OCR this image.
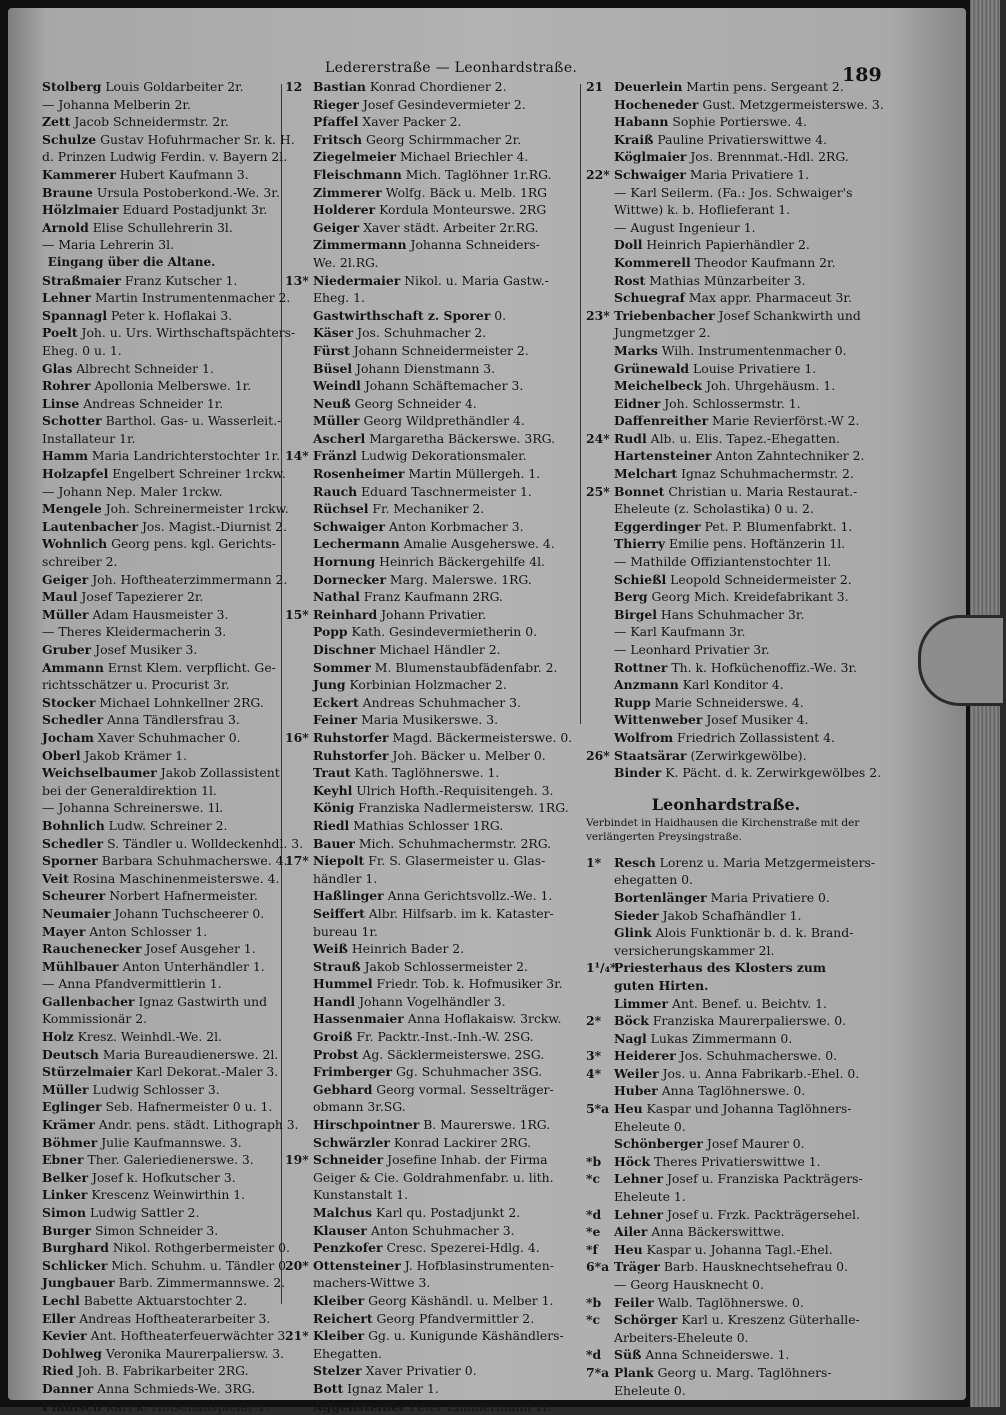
Ledererstraße — Leonhardstraße.	189
Stolberg Louis Goldarbeiter 2r.
— Johanna Melberin 2r.
Zett Jacob Schneidermstr. 2r.
Schulze Gustav Hofuhrmacher Sr. k. H.
d. Prinzen Ludwig Ferdin. v. Bayern 2l.
Kammerer Hubert Kaufmann 3.
Braune Ursula Postoberkond.-We. 3r.
Hölzlmaier Eduard Postadjunkt 3r.
Arnold Elise Schullehrerin 3l.
— Maria Lehrerin 3l.
Eingang über die Altane.
Straßmaier Franz Kutscher 1.
Lehner Martin Instrumentenmacher 2.
Spannagl Peter k. Hoflakai 3.
Poelt Joh. u. Urs. Wirthschaftspächters-
Eheg. 0 u. 1.
Glas Albrecht Schneider 1.
Rohrer Apollonia Melberswe. 1r.
Linse Andreas Schneider 1r.
Schotter Barthol. Gas- u. Wasserleit.-
Installateur 1r.
Hamm Maria Landrichterstochter 1r.
Holzapfel Engelbert Schreiner 1rckw.
— Johann Nep. Maler 1rckw.
Mengele Joh. Schreinermeister 1rckw.
Lautenbacher Jos. Magist.-Diurnist 2.
Wohnlich Georg pens. kgl. Gerichts-
schreiber 2.
Geiger Joh. Hoftheaterzimmermann 2.
Maul Josef Tapezierer 2r.
Müller Adam Hausmeister 3.
— Theres Kleidermacherin 3.
Gruber Josef Musiker 3.
Ammann Ernst Klem. verpflicht. Ge-
richtsschätzer u. Procurist 3r.
Stocker Michael Lohnkellner 2RG.
Schedler Anna Tändlersfrau 3.
Jocham Xaver Schuhmacher 0.
Oberl Jakob Krämer 1.
Weichselbaumer Jakob Zollassistent
bei der Generaldirektion 1l.
— Johanna Schreinerswe. 1l.
Bohnlich Ludw. Schreiner 2.
Schedler S. Tändler u. Wolldeckenhdl. 3.
Sporner Barbara Schuhmacherswe. 4.
Veit Rosina Maschinenmeisterswe. 4.
Scheurer Norbert Hafnermeister.
Neumaier Johann Tuchscheerer 0.
Mayer Anton Schlosser 1.
Rauchenecker Josef Ausgeher 1.
Mühlbauer Anton Unterhändler 1.
— Anna Pfandvermittlerin 1.
Gallenbacher Ignaz Gastwirth und
Kommissionär 2.
Holz Kresz. Weinhdl.-We. 2l.
Deutsch Maria Bureaudienerswe. 2l.
Stürzelmaier Karl Dekorat.-Maler 3.
Müller Ludwig Schlosser 3.
Eglinger Seb. Hafnermeister 0 u. 1.
Krämer Andr. pens. städt. Lithograph 3.
Böhmer Julie Kaufmannswe. 3.
Ebner Ther. Galeriedienerswe. 3.
Belker Josef k. Hofkutscher 3.
Linker Krescenz Weinwirthin 1.
Simon Ludwig Sattler 2.
Burger Simon Schneider 3.
Burghard Nikol. Rothgerbermeister 0.
Schlicker Mich. Schuhm. u. Tändler 0.
Jungbauer Barb. Zimmermannswe. 2.
Lechl Babette Aktuarstochter 2.
Eller Andreas Hoftheaterarbeiter 3.
Kevier Ant. Hoftheaterfeuerwächter 3.
Dohlweg Veronika Maurerpaliersw. 3.
Ried Joh. B. Fabrikarbeiter 2RG.
Danner Anna Schmieds-We. 3RG.
Pfadisch Karl k. Hofschauspieler 1.
12 Bastian Konrad Chordiener 2.
Rieger Josef Gesindevermieter 2.
Pfaffel Xaver Packer 2.
Fritsch Georg Schirmmacher 2r.
Ziegelmeier Michael Briechler 4.
Fleischmann Mich. Taglöhner 1r.RG.
Zimmerer Wolfg. Bäck u. Melb. 1RG
Holderer Kordula Monteurswe. 2RG
Geiger Xaver städt. Arbeiter 2r.RG.
Zimmermann Johanna Schneiders-
We. 2l.RG.
13* Niedermaier Nikol. u. Maria Gastw.-
Eheg. 1.
Gastwirthschaft z. Sporer 0.
Käser Jos. Schuhmacher 2.
Fürst Johann Schneidermeister 2.
Büsel Johann Dienstmann 3.
Weindl Johann Schäftemacher 3.
Neuß Georg Schneider 4.
Müller Georg Wildprethändler 4.
Ascherl Margaretha Bäckerswe. 3RG.
14* Fränzl Ludwig Dekorationsmaler.
Rosenheimer Martin Müllergeh. 1.
Rauch Eduard Taschnermeister 1.
Rüchsel Fr. Mechaniker 2.
Schwaiger Anton Korbmacher 3.
Lechermann Amalie Ausgeherswe. 4.
Hornung Heinrich Bäckergehilfe 4l.
Dornecker Marg. Malerswe. 1RG.
Nathal Franz Kaufmann 2RG.
15* Reinhard Johann Privatier.
Popp Kath. Gesindevermietherin 0.
Dischner Michael Händler 2.
Sommer M. Blumenstaubfädenfabr. 2.
Jung Korbinian Holzmacher 2.
Eckert Andreas Schuhmacher 3.
Feiner Maria Musikerswe. 3.
16* Ruhstorfer Magd. Bäckermeisterswe. 0.
Ruhstorfer Joh. Bäcker u. Melber 0.
Traut Kath. Taglöhnerswe. 1.
Keyhl Ulrich Hofth.-Requisitengeh. 3.
König Franziska Nadlermeistersw. 1RG.
Riedl Mathias Schlosser 1RG.
Bauer Mich. Schuhmachermstr. 2RG.
17* Niepolt Fr. S. Glasermeister u. Glas-
händler 1.
Haßlinger Anna Gerichtsvollz.-We. 1.
Seiffert Albr. Hilfsarb. im k. Kataster-
bureau 1r.
Weiß Heinrich Bader 2.
Strauß Jakob Schlossermeister 2.
Hummel Friedr. Tob. k. Hofmusiker 3r.
Handl Johann Vogelhändler 3.
Hassenmaier Anna Hoflakaisw. 3rckw.
Groiß Fr. Packtr.-Inst.-Inh.-W. 2SG.
Probst Ag. Säcklermeisterswe. 2SG.
Frimberger Gg. Schuhmacher 3SG.
Gebhard Georg vormal. Sesselträger-
obmann 3r.SG.
Hirschpointner B. Maurerswe. 1RG.
Schwärzler Konrad Lackirer 2RG.
19* Schneider Josefine Inhab. der Firma
Geiger & Cie. Goldrahmenfabr. u. lith.
Kunstanstalt 1.
Malchus Karl qu. Postadjunkt 2.
Klauser Anton Schuhmacher 3.
Penzkofer Cresc. Spezerei-Hdlg. 4.
20* Ottensteiner J. Hofblasinstrumenten-
machers-Wittwe 3.
Kleiber Georg Käshändl. u. Melber 1.
Reichert Georg Pfandvermittler 2.
21* Kleiber Gg. u. Kunigunde Käshändlers-
Ehegatten.
Stelzer Xaver Privatier 0.
Bott Ignaz Maler 1.
Aggensteiner Peter Zimmermann 1r.
21 Deuerlein Martin pens. Sergeant 2.
Hocheneder Gust. Metzgermeisterswe. 3.
Habann Sophie Portierswe. 4.
Kraiß Pauline Privatierswittwe 4.
Köglmaier Jos. Brennmat.-Hdl. 2RG.
22* Schwaiger Maria Privatiere 1.
— Karl Seilerm. (Fa.: Jos. Schwaiger's
Wittwe) k. b. Hoflieferant 1.
— August Ingenieur 1.
Doll Heinrich Papierhändler 2.
Kommerell Theodor Kaufmann 2r.
Rost Mathias Münzarbeiter 3.
Schuegraf Max appr. Pharmaceut 3r.
23* Triebenbacher Josef Schankwirth und
Jungmetzger 2.
Marks Wilh. Instrumentenmacher 0.
Grünewald Louise Privatiere 1.
Meichelbeck Joh. Uhrgehäusm. 1.
Eidner Joh. Schlossermstr. 1.
Daffenreither Marie Revierförst.-W 2.
24* Rudl Alb. u. Elis. Tapez.-Ehegatten.
Hartensteiner Anton Zahntechniker 2.
Melchart Ignaz Schuhmachermstr. 2.
25* Bonnet Christian u. Maria Restaurat.-
Eheleute (z. Scholastika) 0 u. 2.
Eggerdinger Pet. P. Blumenfabrkt. 1.
Thierry Emilie pens. Hoftänzerin 1l.
— Mathilde Offiziantenstochter 1l.
Schießl Leopold Schneidermeister 2.
Berg Georg Mich. Kreidefabrikant 3.
Birgel Hans Schuhmacher 3r.
— Karl Kaufmann 3r.
— Leonhard Privatier 3r.
Rottner Th. k. Hofküchenoffiz.-We. 3r.
Anzmann Karl Konditor 4.
Rupp Marie Schneiderswe. 4.
Wittenweber Josef Musiker 4.
Wolfrom Friedrich Zollassistent 4.
26* Staatsärar (Zerwirkgewölbe).
Binder K. Pächt. d. k. Zerwirkgewölbes 2.
Leonhardstraße.
Verbindet in Haidhausen die Kirchenstraße mit der verlängerten Preysingstraße.
1* Resch Lorenz u. Maria Metzgermeisters-
ehegatten 0.
Bortenlänger Maria Privatiere 0.
Sieder Jakob Schafhändler 1.
Glink Alois Funktionär b. d. k. Brand-
versicherungskammer 2l.
1¹/₄*Priesterhaus des Klosters zum
guten Hirten.
Limmer Ant. Benef. u. Beichtv. 1.
2* Böck Franziska Maurerpalierswe. 0.
Nagl Lukas Zimmermann 0.
3* Heiderer Jos. Schuhmacherswe. 0.
4* Weiler Jos. u. Anna Fabrikarb.-Ehel. 0.
Huber Anna Taglöhnerswe. 0.
5*a Heu Kaspar und Johanna Taglöhners-
Eheleute 0.
Schönberger Josef Maurer 0.
*b Höck Theres Privatierswittwe 1.
*c Lehner Josef u. Franziska Packträgers-
Eheleute 1.
*d Lehner Josef u. Frzk. Packträgersehel.
*e Ailer Anna Bäckerswittwe.
*f Heu Kaspar u. Johanna Tagl.-Ehel.
6*a Träger Barb. Hausknechtsehefrau 0.
— Georg Hausknecht 0.
*b Feiler Walb. Taglöhnerswe. 0.
*c Schörger Karl u. Kreszenz Güterhalle-
Arbeiters-Eheleute 0.
*d Süß Anna Schneiderswe. 1.
7*a Plank Georg u. Marg. Taglöhners-
Eheleute 0.
